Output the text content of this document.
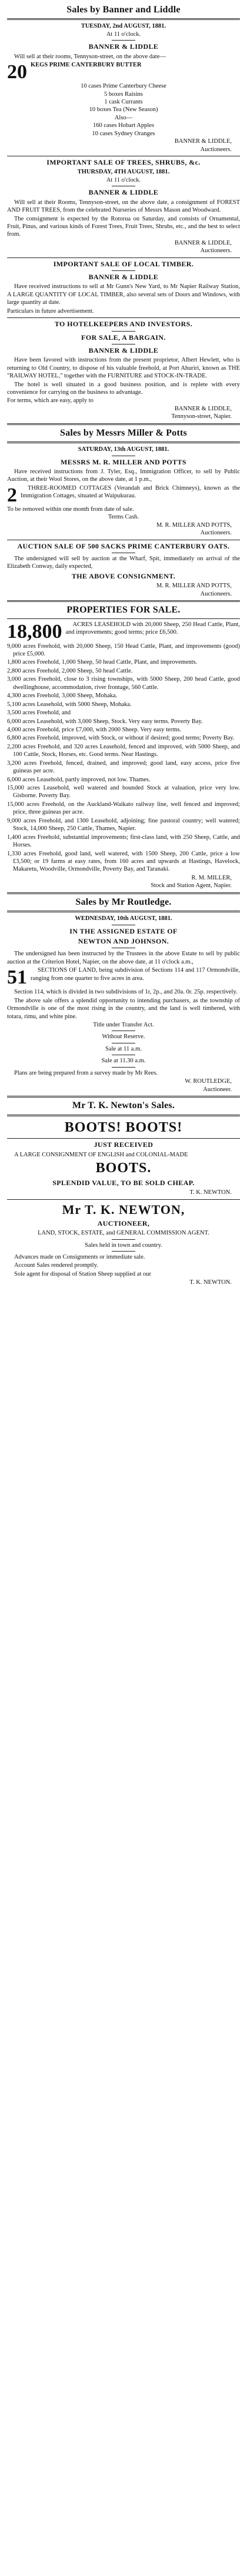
Sales by Banner and Liddle
TUESDAY, 2nd AUGUST, 1881.
At 11 o'clock.
BANNER & LIDDLE
Will sell at their rooms, Tennyson-street, on the above date—
20 KEGS PRIME CANTERBURY BUTTER
10 cases Prime Canterbury Cheese
5 boxes Raisins
1 cask Currants
10 boxes Tea (New Season)
Also—
160 cases Hobart Apples
10 cases Sydney Oranges
BANNER & LIDDLE,
Auctioneers.
IMPORTANT SALE OF TREES, SHRUBS, &c.
THURSDAY, 4TH AUGUST, 1881.
At 11 o'clock.
BANNER & LIDDLE
Will sell at their Rooms, Tennyson-street, on the above date, a consignment of FOREST AND FRUIT TREES, from the celebrated Nurseries of Messrs Mason and Woodward.
The consignment is expected by the Rotorua on Saturday, and consists of Ornamental, Fruit, Pinus, and various kinds of Forest Trees, Fruit Trees, Shrubs, etc., and the best to select from.
BANNER & LIDDLE,
Auctioneers.
IMPORTANT SALE OF LOCAL TIMBER.
BANNER & LIDDLE
Have received instructions to sell at Mr Gunn's New Yard, to Mr Napier Railway Station, A LARGE QUANTITY OF LOCAL TIMBER, also several sets of Doors and Windows, with large quantity at date.
Particulars in future advertisement.
TO HOTELKEEPERS AND INVESTORS.
FOR SALE, A BARGAIN.
BANNER & LIDDLE
Have been favored with instructions from the present proprietor, Albert Hewlett, who is returning to Old Country, to dispose of his valuable freehold, at Port Ahuriri, known as THE "RAILWAY HOTEL," together with the FURNITURE and STOCK-IN-TRADE.
The hotel is well situated in a good business position, and is replete with every convenience for carrying on the business to advantage.
For terms, which are easy, apply to
BANNER & LIDDLE,
Tennyson-street, Napier.
Sales by Messrs Miller & Potts
SATURDAY, 13th AUGUST, 1881.
MESSRS M. R. MILLER AND POTTS
Have received instructions from J. Tyler, Esq., Immigration Officer, to sell by Public Auction, at their Wool Stores, on the above date, at 1 p.m.,
2	THREE-ROOMED COTTAGES (Verandah and Brick Chimneys), known as the Immigration Cottages, situated at Waipukurau.
To be removed within one month from date of sale.
Terms Cash.
M. R. MILLER AND POTTS,
Auctioneers.
AUCTION SALE OF 500 SACKS PRIME CANTERBURY OATS.
The undersigned will sell by auction at the Wharf, Spit, immediately on arrival of the Elizabeth Conway, daily expected,
THE ABOVE CONSIGNMENT.
M. R. MILLER AND POTTS,
Auctioneers.
PROPERTIES FOR SALE.
18,800	ACRES LEASEHOLD with 20,000 Sheep, 250 Head Cattle, Plant, and improvements; good terms; price £6,500.
9,000 acres Freehold, with 20,000 Sheep, 150 Head Cattle, Plant, and improvements (good) price £5,000.
1,800 acres Freehold, 1,000 Sheep, 50 head Cattle, Plant, and improvements.
2,800 acres Freehold, 2,000 Sheep, 50 head Cattle.
3,000 acres Freehold, close to 3 rising townships, with 5000 Sheep, 200 head Cattle, good dwellinghouse, accommodation, river frontage, 560 Cattle.
4,300 acres Freehold, 3,000 Sheep, Mohaka.
5,100 acres Leasehold, with 5000 Sheep, Mohaka.
3,500 acres Freehold, and
6,000 acres Leasehold, with 3,000 Sheep, Stock. Very easy terms. Poverty Bay.
4,000 acres Freehold, price £7,000, with 2000 Sheep. Very easy terms.
6,800 acres Freehold, improved, with Stock, or without if desired; good terms; Poverty Bay.
2,200 acres Freehold, and 320 acres Leasehold, fenced and improved, with 5000 Sheep, and 100 Cattle, Stock, Horses, etc. Good terms. Near Hastings.
3,200 acres Freehold, fenced, drained, and improved; good land, easy access, price five guineas per acre.
6,000 acres Leasehold, partly improved, not low. Thames.
15,000 acres Leasehold, well watered and bounded Stock at valuation, price very low. Gisborne. Poverty Bay.
15,000 acres Freehold, on the Auckland-Waikato railway line, well fenced and improved; price, three guineas per acre.
9,000 acres Freehold, and 1300 Leasehold, adjoining; fine pastoral country; well watered; Stock, 14,000 Sheep, 250 Cattle, Thames, Napier.
1,400 acres Freehold, substantial improvements; first-class land, with 250 Sheep, Cattle, and Horses.
1,330 acres Freehold, good land, well watered, with 1500 Sheep, 200 Cattle, price a low £3,500; or 19 farms at easy rates, from 160 acres and upwards at Hastings, Havelock, Makaretu, Woodville, Ormondville, Poverty Bay, and Taranaki.
R. M. MILLER,
Stock and Station Agent, Napier.
Sales by Mr Routledge.
WEDNESDAY, 10th AUGUST, 1881.
IN THE ASSIGNED ESTATE OF
NEWTON AND JOHNSON.
The undersigned has been instructed by the Trustees in the above Estate to sell by public auction at the Criterion Hotel, Napier, on the above date, at 11 o'clock a.m.,
51	SECTIONS OF LAND, being subdivision of Sections 114 and 117 Ormondville, ranging from one quarter to five acres in area.
Section 114, which is divided in two subdivisions of 1r, 2p., and 20a. 0r. 25p. respectively.
The above sale offers a splendid opportunity to intending purchasers, as the township of Ormondville is one of the most rising in the country, and the land is well timbered, with totara, rimu, and white pine.
Title under Transfer Act.
Without Reserve.
Sale at 11 a.m.
Sale at 11.30 a.m.
Plans are being prepared from a survey made by Mr Rees.
W. ROUTLEDGE,
Auctioneer.
Mr T. K. Newton's Sales.
BOOTS! BOOTS!
JUST RECEIVED
A LARGE CONSIGNMENT OF ENGLISH and COLONIAL-MADE
BOOTS.
SPLENDID VALUE, TO BE SOLD CHEAP.
T. K. NEWTON.
Mr T. K. NEWTON,
AUCTIONEER,
LAND, STOCK, ESTATE, and GENERAL COMMISSION AGENT.
Sales held in town and country.
Advances made on Consignments or immediate sale.
Account Sales rendered promptly.
Sole agent for disposal of Station Sheep supplied at our
T. K. NEWTON.
